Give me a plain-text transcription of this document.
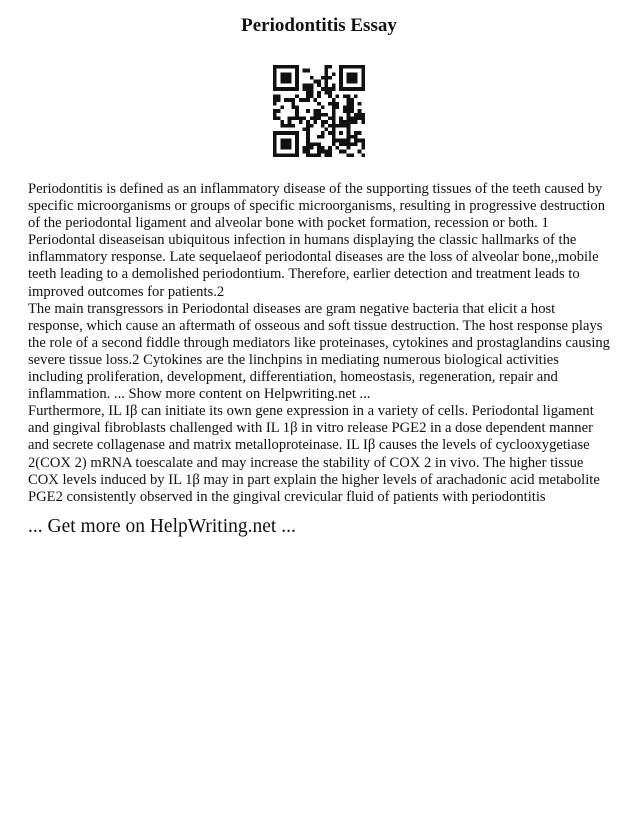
Periodontitis Essay

Periodontitis is defined as an inflammatory disease of the supporting tissues of the teeth caused by specific microorganisms or groups of specific microorganisms, resulting in progressive destruction of the periodontal ligament and alveolar bone with pocket formation, recession or both. 1 Periodontal diseaseisan ubiquitous infection in humans displaying the classic hallmarks of the inflammatory response. Late sequelaeof periodontal diseases are the loss of alveolar bone,,mobile teeth leading to a demolished periodontium. Therefore, earlier detection and treatment leads to improved outcomes for patients.2

The main transgressors in Periodontal diseases are gram negative bacteria that elicit a host response, which cause an aftermath of osseous and soft tissue destruction. The host response plays the role of a second fiddle through mediators like proteinases, cytokines and prostaglandins causing severe tissue loss.2 Cytokines are the linchpins in mediating numerous biological activities including proliferation, development, differentiation, homeostasis, regeneration, repair and inflammation. ... Show more content on Helpwriting.net ...

Furthermore, IL Iβ can initiate its own gene expression in a variety of cells. Periodontal ligament and gingival fibroblasts challenged with IL 1β in vitro release PGE2 in a dose dependent manner and secrete collagenase and matrix metalloproteinase. IL Iβ causes the levels of cyclooxygetiase 2(COX 2) mRNA toescalate and may increase the stability of COX 2 in vivo. The higher tissue COX levels induced by IL 1β may in part explain the higher levels of arachadonic acid metabolite PGE2 consistently observed in the gingival crevicular fluid of patients with periodontitis

... Get more on HelpWriting.net ...
